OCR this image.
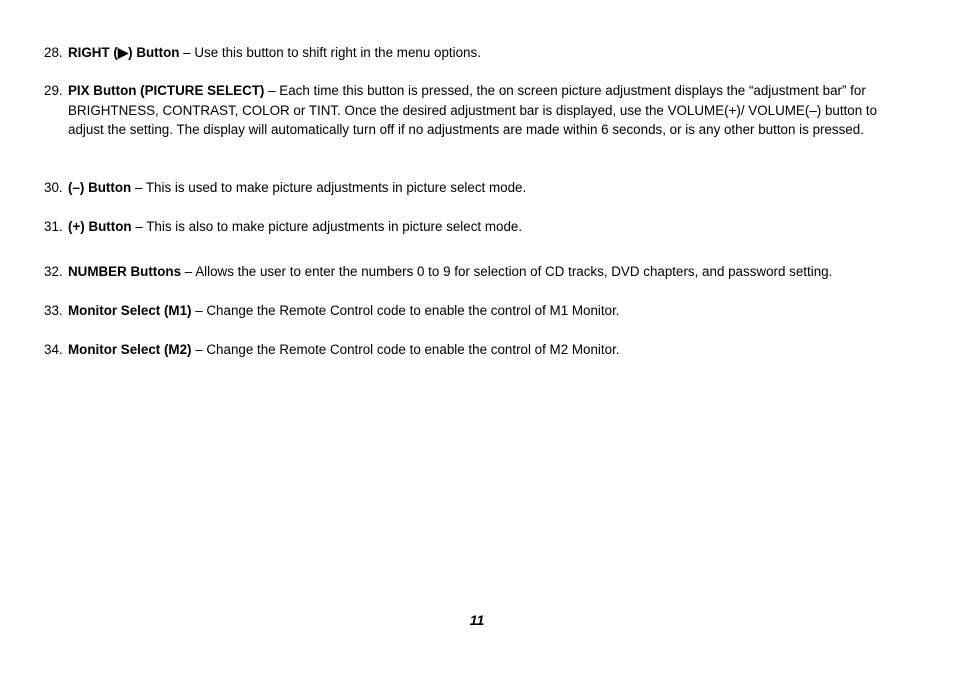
28. RIGHT (▶) Button – Use this button to shift right in the menu options.
29. PIX Button (PICTURE SELECT) – Each time this button is pressed, the on screen picture adjustment displays the “adjustment bar” for BRIGHTNESS, CONTRAST, COLOR or TINT. Once the desired adjustment bar is displayed, use the VOLUME(+)/ VOLUME(–) button to adjust the setting. The display will automatically turn off if no adjustments are made within 6 seconds, or is any other button is pressed.
30. (–) Button – This is used to make picture adjustments in picture select mode.
31. (+) Button – This is also to make picture adjustments in picture select mode.
32. NUMBER Buttons – Allows the user to enter the numbers 0 to 9 for selection of CD tracks, DVD chapters, and password setting.
33. Monitor Select (M1) – Change the Remote Control code to enable the control of M1 Monitor.
34. Monitor Select (M2) – Change the Remote Control code to enable the control of M2 Monitor.
11
